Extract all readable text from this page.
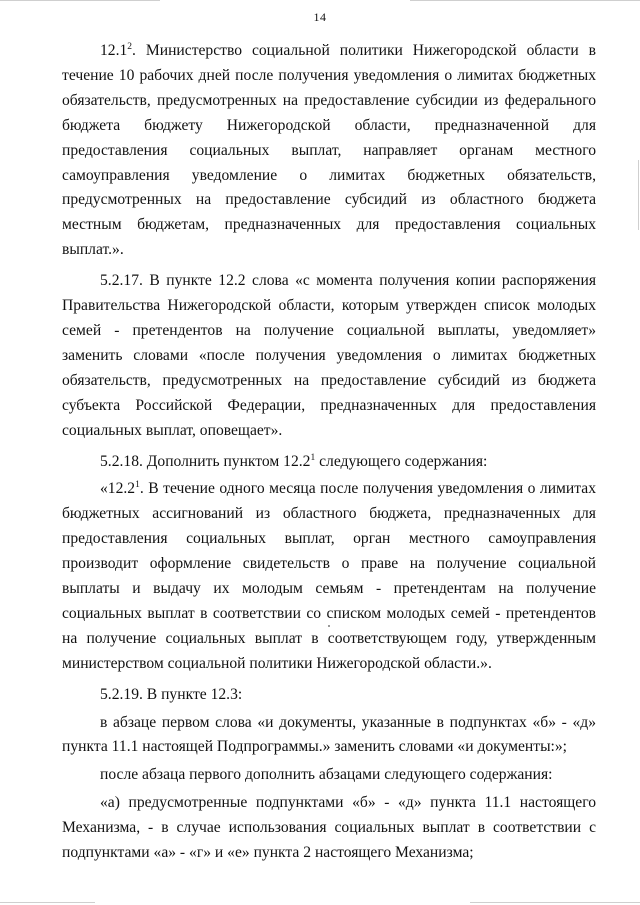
14

12.1$^2$. Министерство социальной политики Нижегородской области в течение 10 рабочих дней после получения уведомления о лимитах бюджетных обязательств, предусмотренных на предоставление субсидии из федерального бюджета бюджету Нижегородской области, предназначенной для предоставления социальных выплат, направляет органам местного самоуправления уведомление о лимитах бюджетных обязательств, предусмотренных на предоставление субсидий из областного бюджета местным бюджетам, предназначенных для предоставления социальных выплат.».

5.2.17. В пункте 12.2 слова «с момента получения копии распоряжения Правительства Нижегородской области, которым утвержден список молодых семей - претендентов на получение социальной выплаты, уведомляет» заменить словами «после получения уведомления о лимитах бюджетных обязательств, предусмотренных на предоставление субсидий из бюджета субъекта Российской Федерации, предназначенных для предоставления социальных выплат, оповещает».

5.2.18. Дополнить пунктом 12.2$^1$ следующего содержания:

«12.2$^1$. В течение одного месяца после получения уведомления о лимитах бюджетных ассигнований из областного бюджета, предназначенных для предоставления социальных выплат, орган местного самоуправления производит оформление свидетельств о праве на получение социальной выплаты и выдачу их молодым семьям - претендентам на получение социальных выплат в соответствии со списком молодых семей - претендентов на получение социальных выплат в соответствующем году, утвержденным министерством социальной политики Нижегородской области.».

5.2.19. В пункте 12.3:

в абзаце первом слова «и документы, указанные в подпунктах «б» - «д» пункта 11.1 настоящей Подпрограммы.» заменить словами «и документы:»;

после абзаца первого дополнить абзацами следующего содержания:

«а) предусмотренные подпунктами «б» - «д» пункта 11.1 настоящего Механизма, - в случае использования социальных выплат в соответствии с подпунктами «а» - «г» и «е» пункта 2 настоящего Механизма;
